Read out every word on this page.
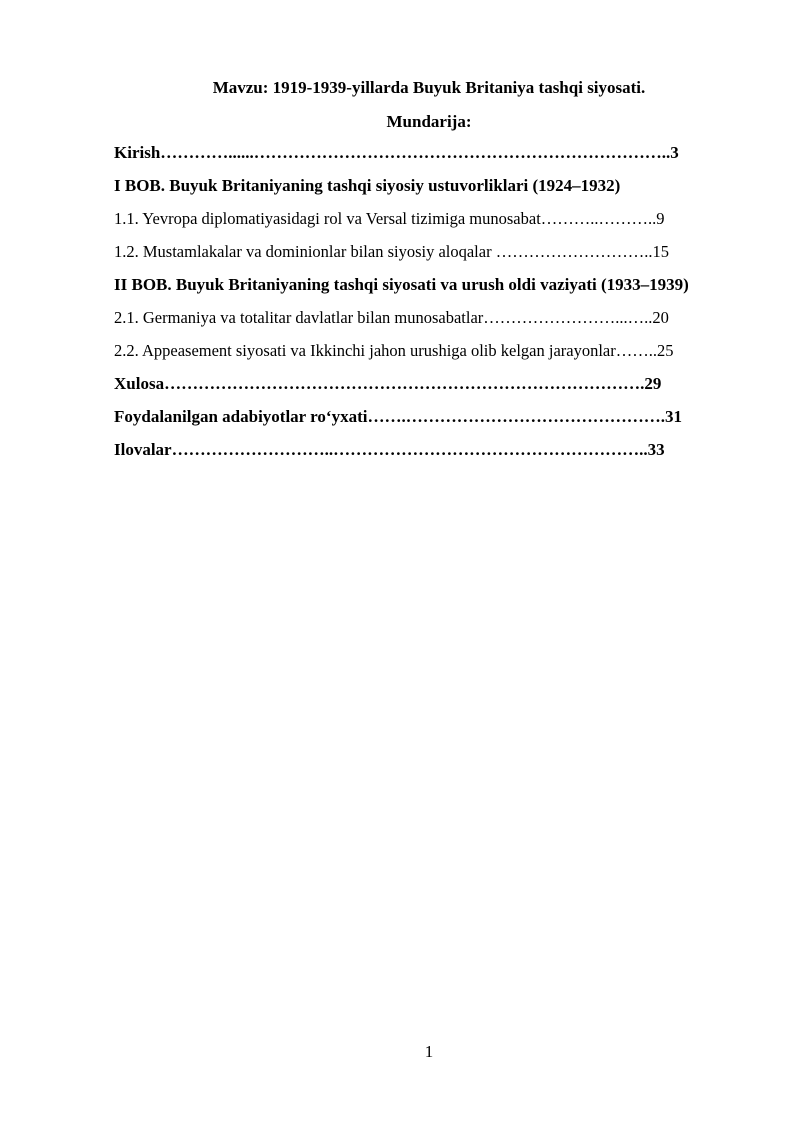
Mavzu: 1919-1939-yillarda Buyuk Britaniya tashqi siyosati.
Mundarija:
Kirish…………......………………………………………………………………..3
I BOB. Buyuk Britaniyaning tashqi siyosiy ustuvorliklari (1924–1932)
1.1. Yevropa diplomatiyasidagi rol va Versal tizimiga munosabat………..………..9
1.2. Mustamlakalar va dominionlar bilan siyosiy aloqalar ………………………..15
II BOB. Buyuk Britaniyaning tashqi siyosati va urush oldi vaziyati (1933–1939)
2.1. Germaniya va totalitar davlatlar bilan munosabatlar……………………...…..20
2.2. Appeasement siyosati va Ikkinchi jahon urushiga olib kelgan jarayonlar……..25
Xulosa………………………………………………………………………….29
Foydalanilgan adabiyotlar ro‘yxati…….……………………………………….31
Ilovalar………………………..………………………………………………..33
1
